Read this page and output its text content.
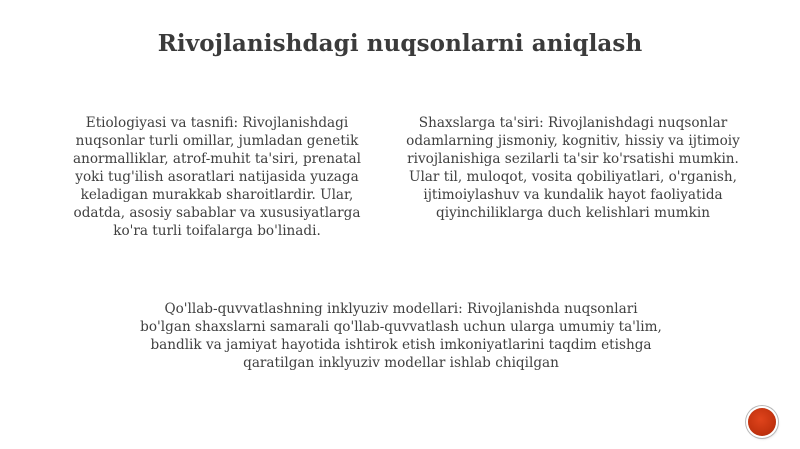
Rivojlanishdagi nuqsonlarni aniqlash
Etiologiyasi va tasnifi: Rivojlanishdagi nuqsonlar turli omillar, jumladan genetik anormalliklar, atrof-muhit ta'siri, prenatal yoki tug'ilish asoratlari natijasida yuzaga keladigan murakkab sharoitlardir. Ular, odatda, asosiy sabablar va xususiyatlarga ko'ra turli toifalarga bo'linadi.
Shaxslarga ta'siri: Rivojlanishdagi nuqsonlar odamlarning jismoniy, kognitiv, hissiy va ijtimoiy rivojlanishiga sezilarli ta'sir ko'rsatishi mumkin. Ular til, muloqot, vosita qobiliyatlari, o'rganish, ijtimoiylashuv va kundalik hayot faoliyatida qiyinchiliklarga duch kelishlari mumkin
Qo'llab-quvvatlashning inklyuziv modellari: Rivojlanishda nuqsonlari bo'lgan shaxslarni samarali qo'llab-quvvatlash uchun ularga umumiy ta'lim, bandlik va jamiyat hayotida ishtirok etish imkoniyatlarini taqdim etishga qaratilgan inklyuziv modellar ishlab chiqilgan
